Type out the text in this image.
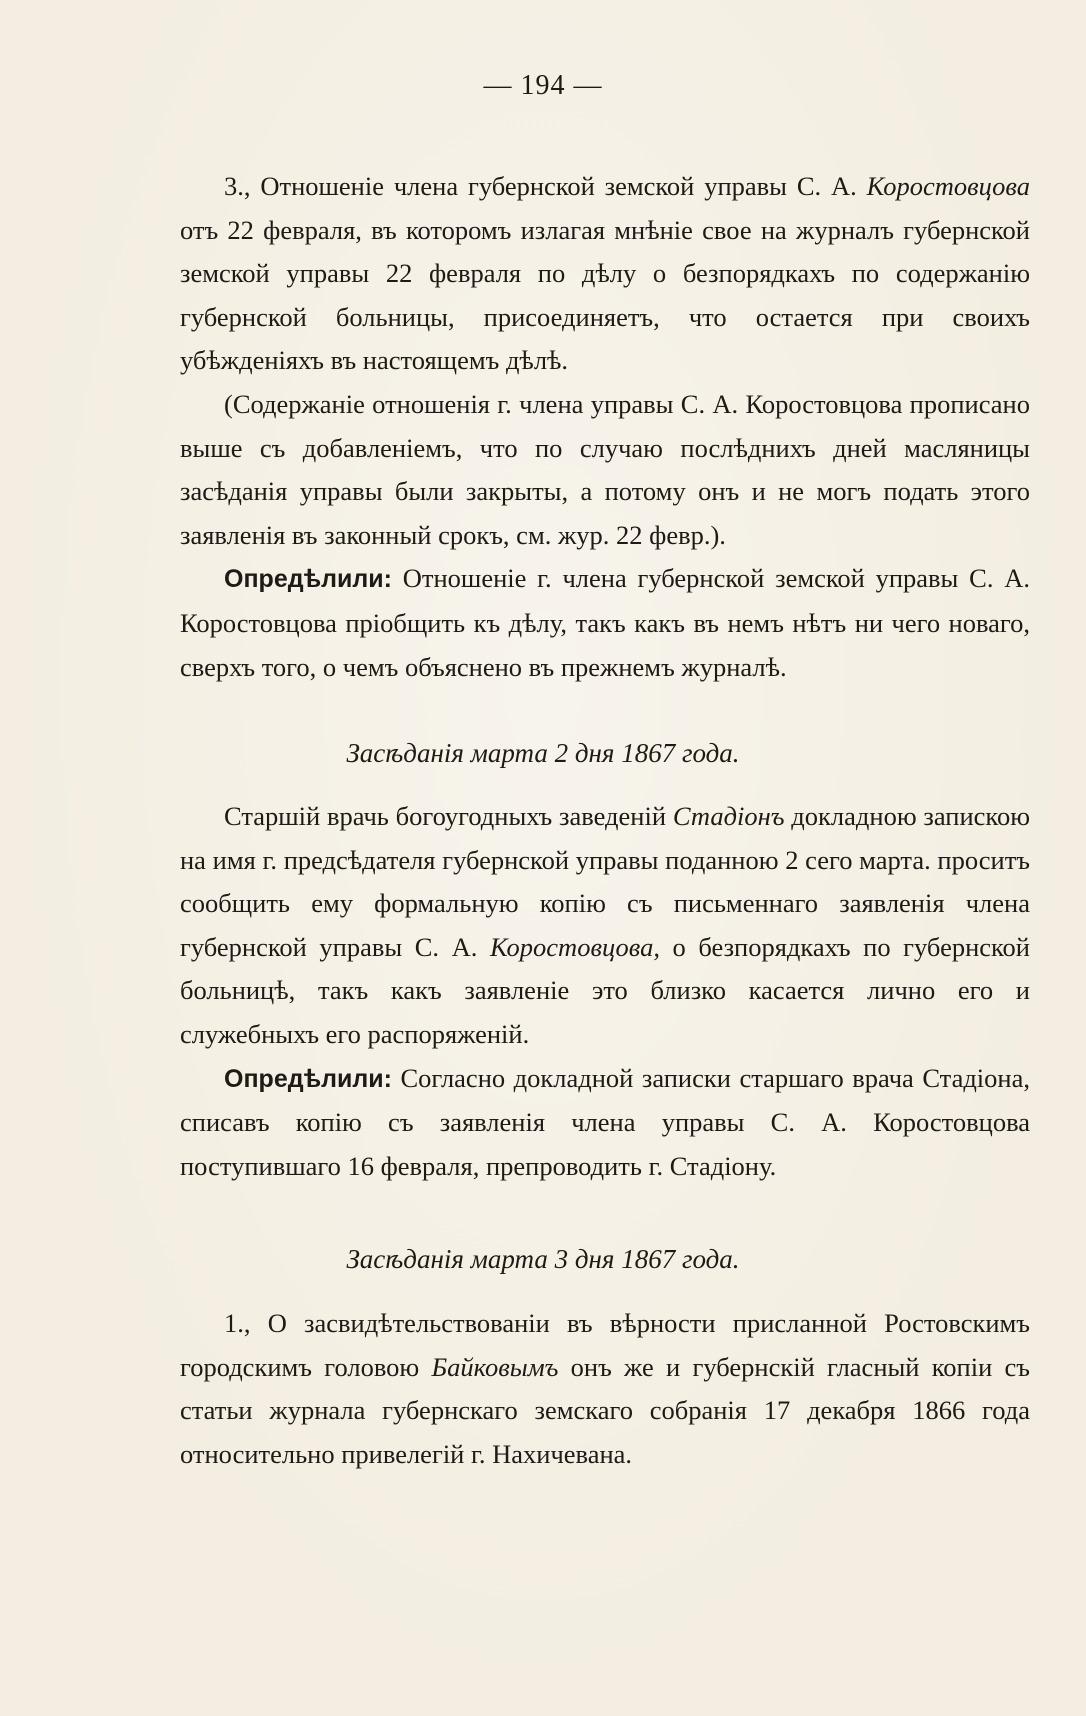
— 194 —

3., Отношеніе члена губернской земской управы С. А. Коростовцова отъ 22 февраля, въ которомъ излагая мнѣніе свое на журналъ губернской земской управы 22 февраля по дѣлу о безпорядкахъ по содержанію губернской больницы, присоединяетъ, что остается при своихъ убѣжденіяхъ въ настоящемъ дѣлѣ.

(Содержаніе отношенія г. члена управы С. А. Коростовцова прописано выше съ добавленіемъ, что по случаю послѣднихъ дней масляницы засѣданія управы были закрыты, а потому онъ и не могъ подать этого заявленія въ законный срокъ, см. жур. 22 февр.).

Опредѣлили: Отношеніе г. члена губернской земской управы С. А. Коростовцова пріобщить къ дѣлу, такъ какъ въ немъ нѣтъ ни чего новаго, сверхъ того, о чемъ объяснено въ прежнемъ журналѣ.

Засѣданія марта 2 дня 1867 года.

Старшій врачь богоугодныхъ заведеній Стадіонъ докладною запискою на имя г. предсѣдателя губернской управы поданною 2 сего марта. проситъ сообщить ему формальную копію съ письменнаго заявленія члена губернской управы С. А. Коростовцова, о безпорядкахъ по губернской больницѣ, такъ какъ заявленіе это близко касается лично его и служебныхъ его распоряженій.

Опредѣлили: Согласно докладной записки старшаго врача Стадіона, списавъ копію съ заявленія члена управы С. А. Коростовцова поступившаго 16 февраля, препроводить г. Стадіону.

Засѣданія марта 3 дня 1867 года.

1., О засвидѣтельствованіи въ вѣрности присланной Ростовскимъ городскимъ головою Байковымъ онъ же и губернскій гласный копіи съ статьи журнала губернскаго земскаго собранія 17 декабря 1866 года относительно привелегій г. Нахичевана.
